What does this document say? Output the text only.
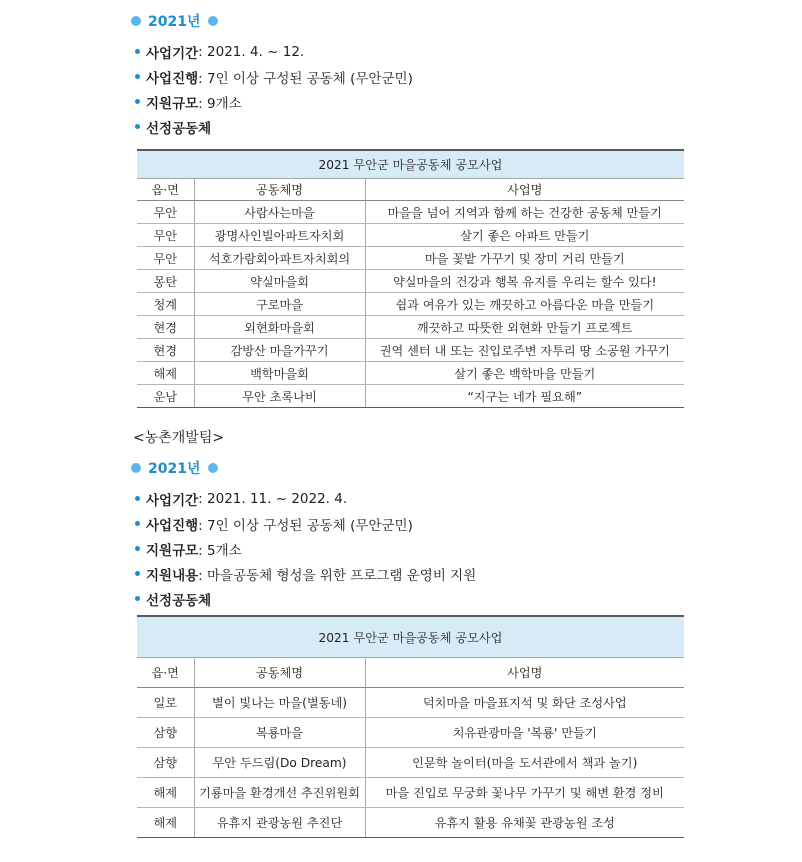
2021년
사업기간 : 2021. 4. ~ 12.
사업진행 : 7인 이상 구성된 공동체 (무안군민)
지원규모 : 9개소
선정공동체
2021 무안군 마을공동체 공모사업		
읍·면	공동체명	사업명
무안	사람사는마을	마을을 넘어 지역과 함께 하는 건강한 공동체 만들기
무안	광명사인빌아파트자치회	살기 좋은 아파트 만들기
무안	석호가람회아파트자치회의	마을 꽃밭 가꾸기 및 장미 거리 만들기
몽탄	약실마을회	약실마을의 건강과 행복 유지를 우리는 할수 있다!
청계	구로마을	쉼과 여유가 있는 깨끗하고 아름다운 마을 만들기
현경	외현화마을회	깨끗하고 따뜻한 외현화 만들기 프로젝트
현경	감방산 마을가꾸기	권역 센터 내 또는 진입로주변 자투리 땅 소공원 가꾸기
해제	백학마을회	살기 좋은 백학마을 만들기
운남	무안 초록나비	“지구는 네가 필요해”
<농촌개발팀>
2021년
사업기간 : 2021. 11. ~ 2022. 4.
사업진행 : 7인 이상 구성된 공동체 (무안군민)
지원규모 : 5개소
지원내용 : 마을공동체 형성을 위한 프로그램 운영비 지원
선정공동체
2021 무안군 마을공동체 공모사업		
읍·면	공동체명	사업명
일로	별이 빛나는 마을(별동네)	덕치마을 마을표지석 및 화단 조성사업
삼향	복룡마을	치유관광마을 '복룡' 만들기
삼향	무안 두드림(Do Dream)	인문학 놀이터(마을 도서관에서 책과 놀기)
해제	기룡마을 환경개선 추진위원회	마을 진입로 무궁화 꽃나무 가꾸기 및 해변 환경 정비
해제	유휴지 관광농원 추진단	유휴지 활용 유채꽃 관광농원 조성
